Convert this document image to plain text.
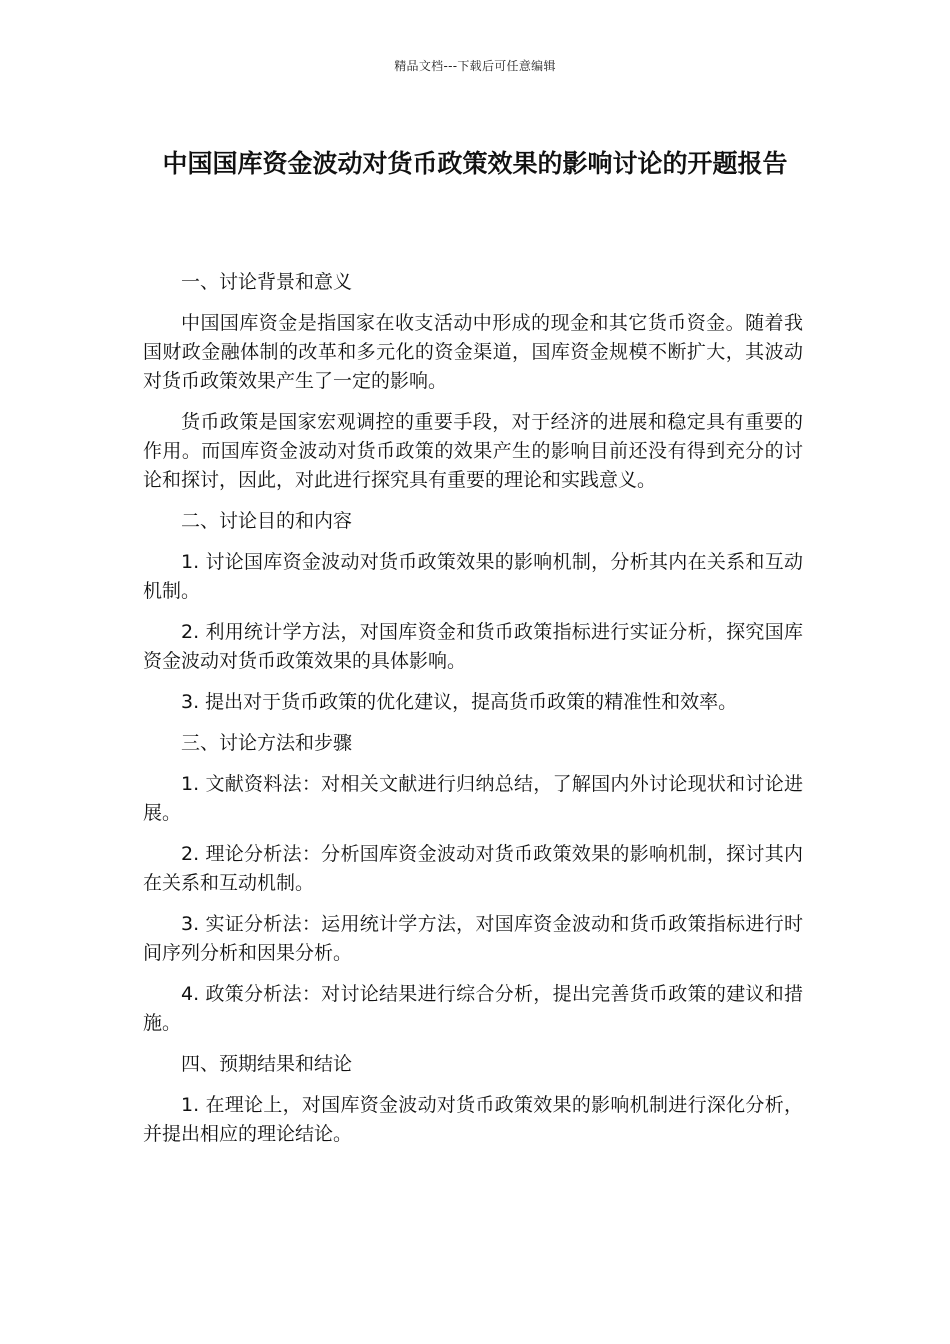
精品文档---下载后可任意编辑
中国国库资金波动对货币政策效果的影响讨论的开题报告

一、讨论背景和意义

中国国库资金是指国家在收支活动中形成的现金和其它货币资金。随着我国财政金融体制的改革和多元化的资金渠道，国库资金规模不断扩大，其波动对货币政策效果产生了一定的影响。

货币政策是国家宏观调控的重要手段，对于经济的进展和稳定具有重要的作用。而国库资金波动对货币政策的效果产生的影响目前还没有得到充分的讨论和探讨，因此，对此进行探究具有重要的理论和实践意义。

二、讨论目的和内容

1. 讨论国库资金波动对货币政策效果的影响机制，分析其内在关系和互动机制。

2. 利用统计学方法，对国库资金和货币政策指标进行实证分析，探究国库资金波动对货币政策效果的具体影响。

3. 提出对于货币政策的优化建议，提高货币政策的精准性和效率。

三、讨论方法和步骤

1. 文献资料法：对相关文献进行归纳总结，了解国内外讨论现状和讨论进展。

2. 理论分析法：分析国库资金波动对货币政策效果的影响机制，探讨其内在关系和互动机制。

3. 实证分析法：运用统计学方法，对国库资金波动和货币政策指标进行时间序列分析和因果分析。

4. 政策分析法：对讨论结果进行综合分析，提出完善货币政策的建议和措施。

四、预期结果和结论

1. 在理论上，对国库资金波动对货币政策效果的影响机制进行深化分析，并提出相应的理论结论。
